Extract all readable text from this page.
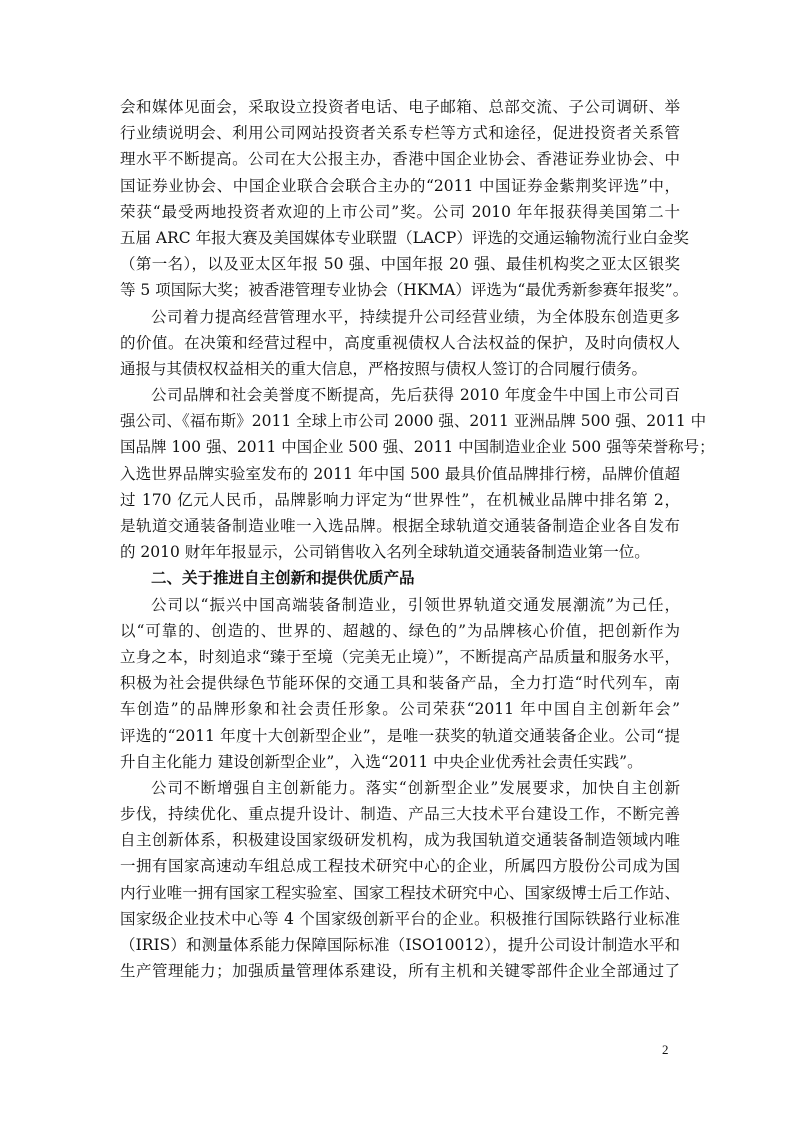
会和媒体见面会，采取设立投资者电话、电子邮箱、总部交流、子公司调研、举
行业绩说明会、利用公司网站投资者关系专栏等方式和途径，促进投资者关系管
理水平不断提高。公司在大公报主办，香港中国企业协会、香港证券业协会、中
国证券业协会、中国企业联合会联合主办的“2011 中国证券金紫荆奖评选”中，
荣获“最受两地投资者欢迎的上市公司”奖。公司 2010 年年报获得美国第二十
五届 ARC 年报大赛及美国媒体专业联盟（LACP）评选的交通运输物流行业白金奖
（第一名），以及亚太区年报 50 强、中国年报 20 强、最佳机构奖之亚太区银奖
等 5 项国际大奖；被香港管理专业协会（HKMA）评选为“最优秀新参赛年报奖”。
公司着力提高经营管理水平，持续提升公司经营业绩，为全体股东创造更多
的价值。在决策和经营过程中，高度重视债权人合法权益的保护，及时向债权人
通报与其债权权益相关的重大信息，严格按照与债权人签订的合同履行债务。
公司品牌和社会美誉度不断提高，先后获得 2010 年度金牛中国上市公司百
强公司、《福布斯》2011 全球上市公司 2000 强、2011 亚洲品牌 500 强、2011 中
国品牌 100 强、2011 中国企业 500 强、2011 中国制造业企业 500 强等荣誉称号；
入选世界品牌实验室发布的 2011 年中国 500 最具价值品牌排行榜，品牌价值超
过 170 亿元人民币，品牌影响力评定为“世界性”，在机械业品牌中排名第 2，
是轨道交通装备制造业唯一入选品牌。根据全球轨道交通装备制造企业各自发布
的 2010 财年年报显示，公司销售收入名列全球轨道交通装备制造业第一位。
二、关于推进自主创新和提供优质产品
公司以“振兴中国高端装备制造业，引领世界轨道交通发展潮流”为己任，
以“可靠的、创造的、世界的、超越的、绿色的”为品牌核心价值，把创新作为
立身之本，时刻追求“臻于至境（完美无止境）”，不断提高产品质量和服务水平，
积极为社会提供绿色节能环保的交通工具和装备产品，全力打造“时代列车，南
车创造”的品牌形象和社会责任形象。公司荣获“2011 年中国自主创新年会”
评选的“2011 年度十大创新型企业”，是唯一获奖的轨道交通装备企业。公司“提
升自主化能力 建设创新型企业”，入选“2011 中央企业优秀社会责任实践”。
公司不断增强自主创新能力。落实“创新型企业”发展要求，加快自主创新
步伐，持续优化、重点提升设计、制造、产品三大技术平台建设工作，不断完善
自主创新体系，积极建设国家级研发机构，成为我国轨道交通装备制造领域内唯
一拥有国家高速动车组总成工程技术研究中心的企业，所属四方股份公司成为国
内行业唯一拥有国家工程实验室、国家工程技术研究中心、国家级博士后工作站、
国家级企业技术中心等 4 个国家级创新平台的企业。积极推行国际铁路行业标准
（IRIS）和测量体系能力保障国际标准（ISO10012），提升公司设计制造水平和
生产管理能力；加强质量管理体系建设，所有主机和关键零部件企业全部通过了
2
